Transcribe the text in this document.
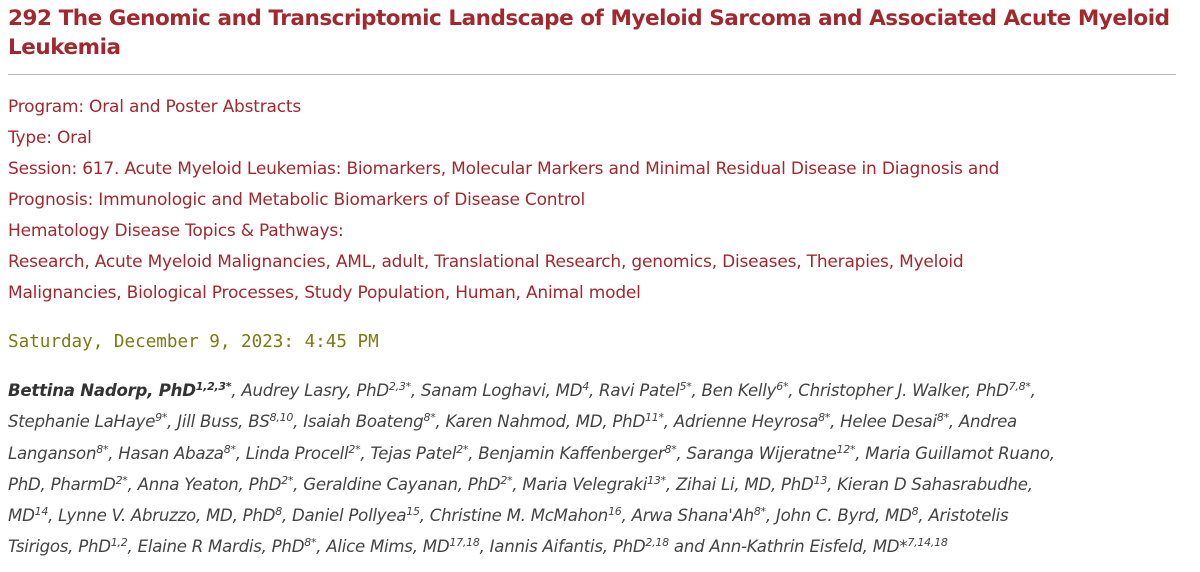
292 The Genomic and Transcriptomic Landscape of Myeloid Sarcoma and Associated Acute Myeloid
Leukemia
Program: Oral and Poster Abstracts
Type: Oral
Session: 617. Acute Myeloid Leukemias: Biomarkers, Molecular Markers and Minimal Residual Disease in Diagnosis and
Prognosis: Immunologic and Metabolic Biomarkers of Disease Control
Hematology Disease Topics & Pathways:
Research, Acute Myeloid Malignancies, AML, adult, Translational Research, genomics, Diseases, Therapies, Myeloid
Malignancies, Biological Processes, Study Population, Human, Animal model
Saturday, December 9, 2023: 4:45 PM
Bettina Nadorp, PhD$^{1,2,3*}$, Audrey Lasry, PhD$^{2,3*}$, Sanam Loghavi, $MD^4$, Ravi Patel$^{5*}$, Ben Kelly$^{6*}$, Christopher J. Walker, PhD$^{7,8*}$,
Stephanie LaHaye$^{9*}$, Jill Buss, BS$^{8,10}$, Isaiah Boateng$^{8*}$, Karen Nahmod, MD, PhD$^{11*}$, Adrienne Heyrosa$^{8*}$, Helee Desai$^{8*}$, Andrea
Langanson$^{8*}$, Hasan Abaza$^{8*}$, Linda Procell$^{2*}$, Tejas Patel$^{2*}$, Benjamin Kaffenberger$^{8*}$, Saranga Wijeratne$^{12*}$, Maria Guillamot Ruano,
PhD, PharmD$^{2*}$, Anna Yeaton, PhD$^{2*}$, Geraldine Cayanan, PhD$^{2*}$, Maria Velegraki$^{13*}$, Zihai Li, MD, PhD$^{13}$, Kieran D Sahasrabudhe,
MD$^{14}$, Lynne V. Abruzzo, MD, PhD$^8$, Daniel Pollyea$^{15}$, Christine M. McMahon$^{16}$, Arwa $Shana'Ah^{8*}$, John C. Byrd, $MD^8$, Aristotelis
Tsirigos, PhD$^{1,2}$, Elaine R Mardis, PhD$^{8*}$, Alice Mims, MD$^{17,18}$, Iannis Aifantis, PhD$^{2,18}$ and Ann-Kathrin Eisfeld, MD*$^{7,14,18}$
